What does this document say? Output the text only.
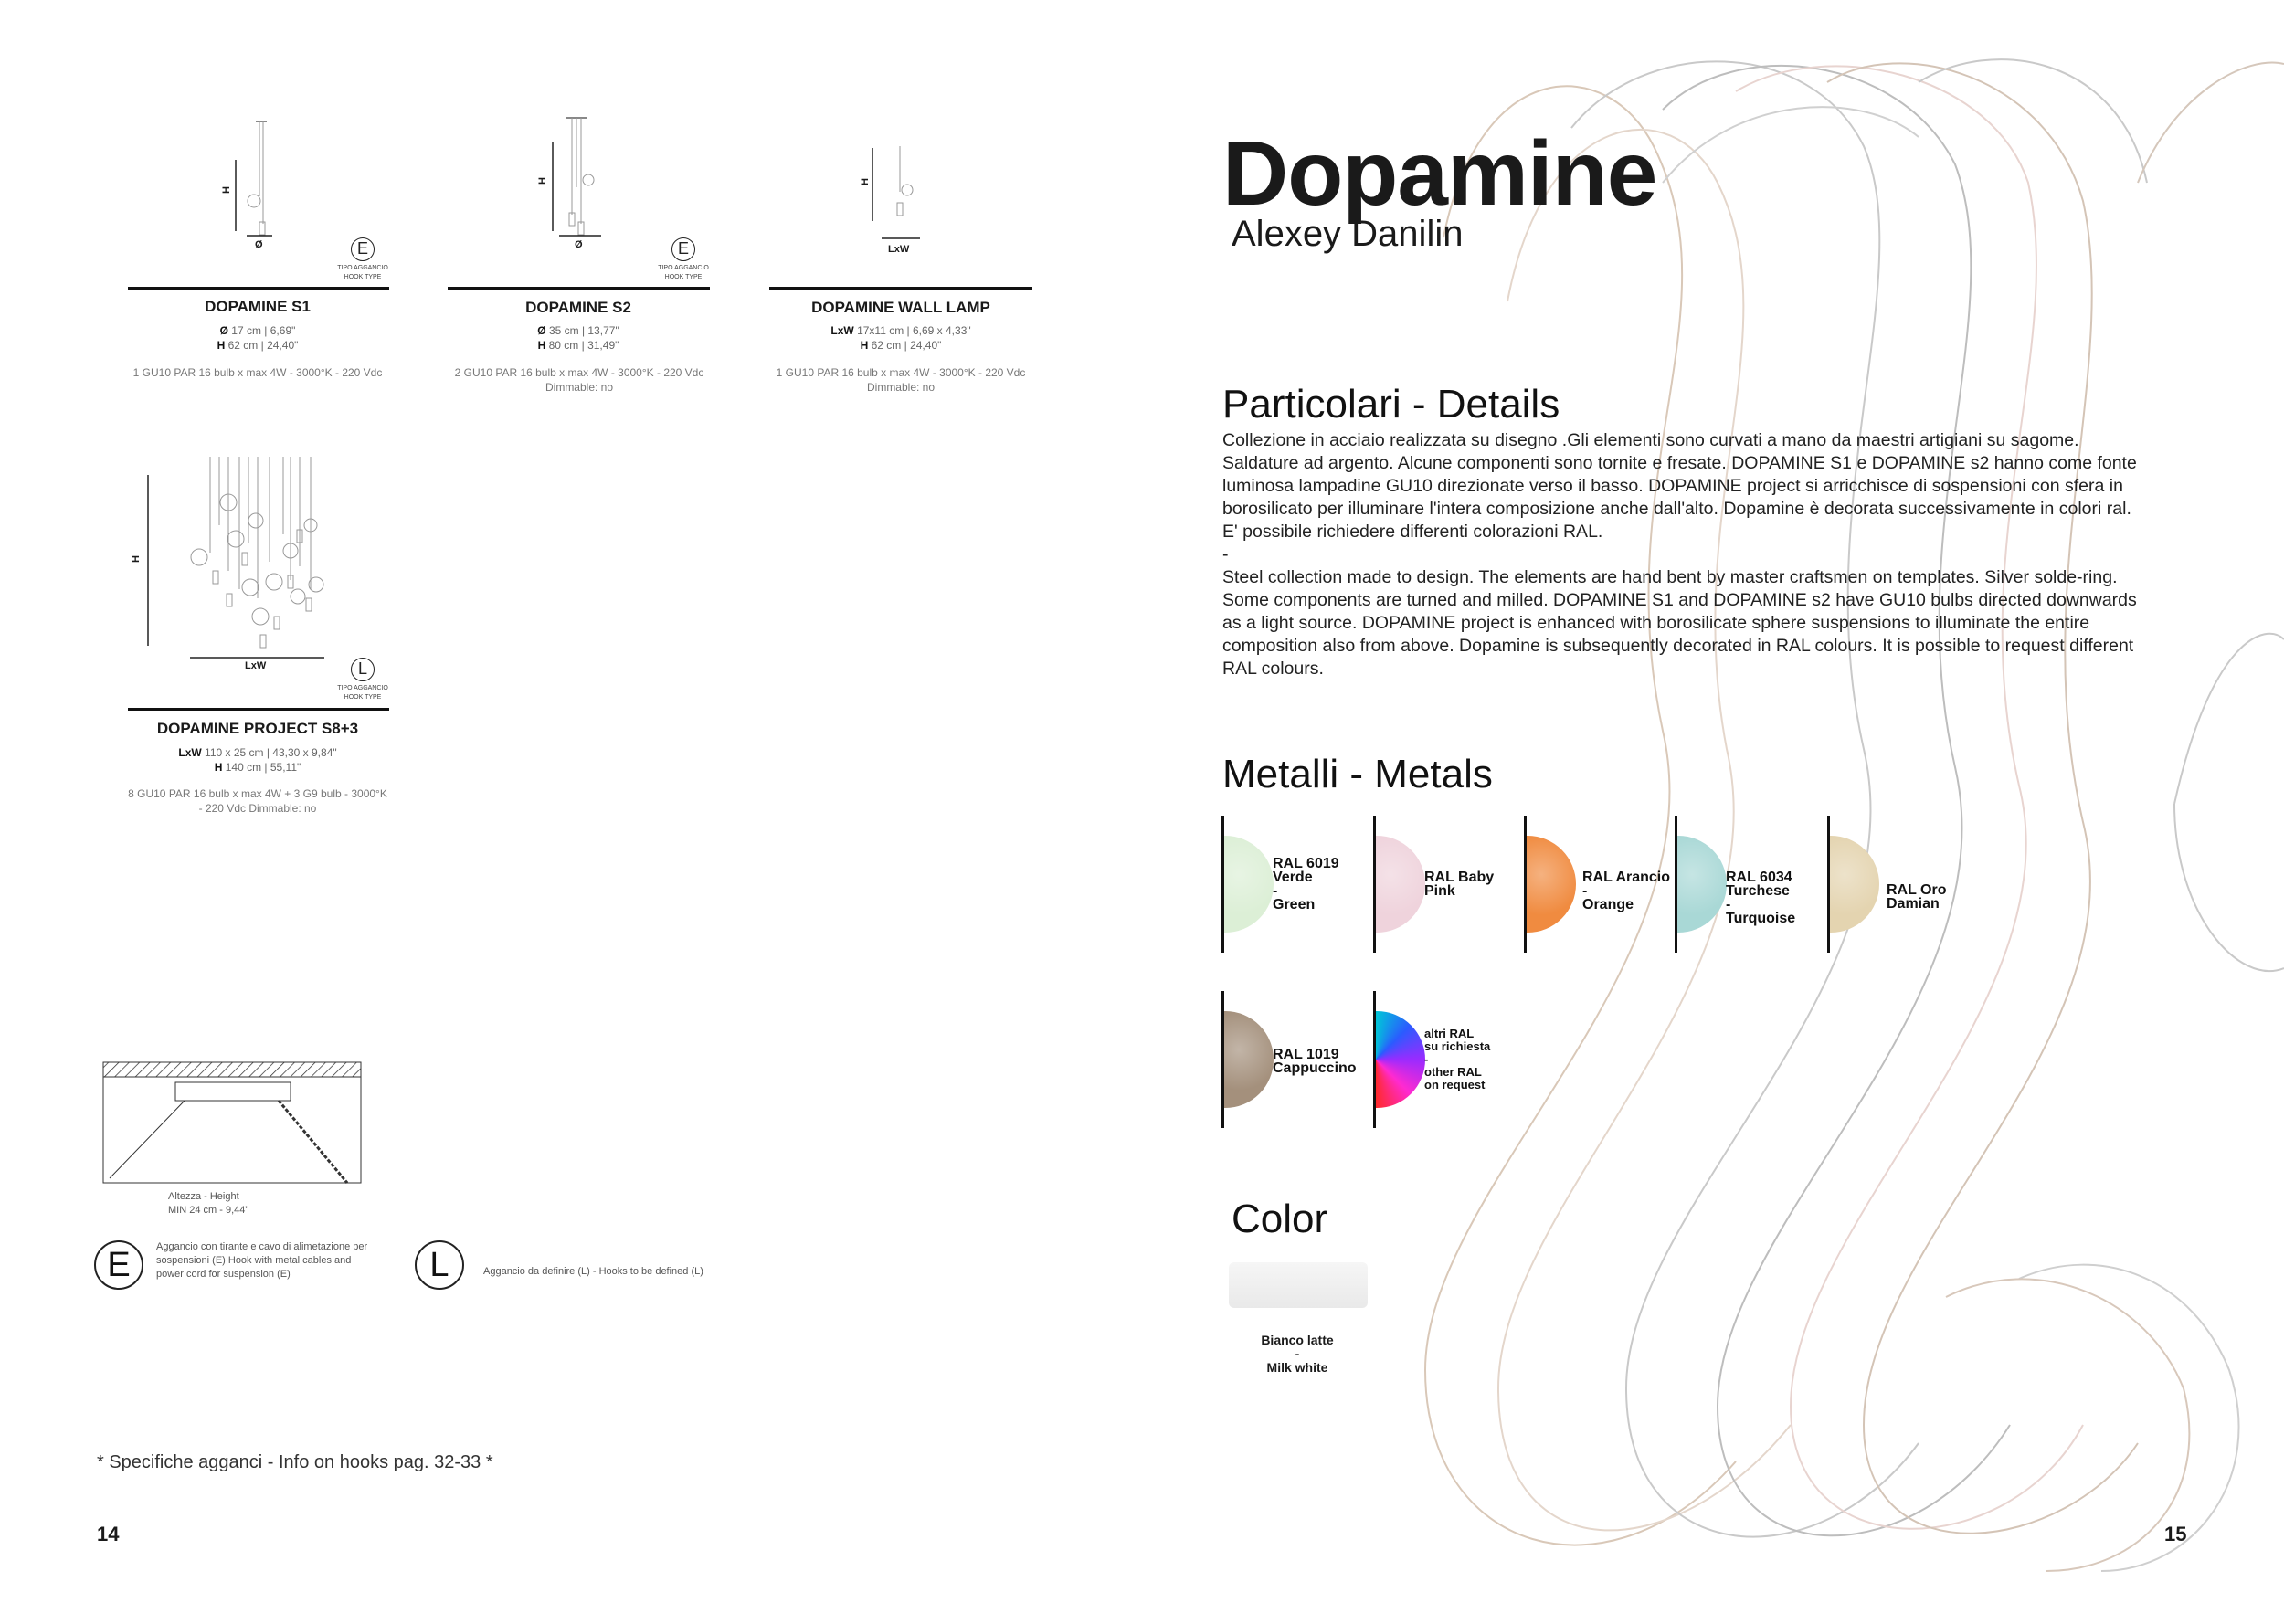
H
Ø	E
TIPO AGGANCIO
HOOK TYPE
DOPAMINE S1
Ø 17 cm | 6,69"
H 62 cm | 24,40"
1 GU10 PAR 16 bulb x max 4W - 3000°K - 220 Vdc
H
Ø	E
TIPO AGGANCIO
HOOK TYPE
DOPAMINE S2
Ø 35 cm | 13,77"
H 80 cm | 31,49"
2 GU10 PAR 16 bulb x max 4W - 3000°K - 220 Vdc
Dimmable: no
H
LxW
DOPAMINE WALL LAMP
LxW 17x11 cm | 6,69 x 4,33"
H 62 cm | 24,40"
1 GU10 PAR 16 bulb x max 4W - 3000°K - 220 Vdc
Dimmable: no
H
LxW	L
TIPO AGGANCIO
HOOK TYPE
DOPAMINE PROJECT S8+3
LxW 110 x 25 cm | 43,30 x 9,84"
H 140 cm | 55,11"
8 GU10 PAR 16 bulb x max 4W + 3 G9 bulb - 3000°K
- 220 Vdc Dimmable: no
Altezza - Height
MIN 24 cm - 9,44"
E	Aggancio con tirante e cavo di alimetazione per sospensioni (E) Hook with metal cables and power cord for suspension (E)	L	Aggancio da definire (L) - Hooks to be defined (L)
* Specifiche agganci - Info on hooks pag. 32-33 *
14
Dopamine
Alexey Danilin
Particolari - Details
Collezione in acciaio realizzata su disegno .Gli elementi sono curvati a mano da maestri artigiani su sagome. Saldature ad argento. Alcune componenti sono tornite e fresate. DOPAMINE S1 e DOPAMINE s2 hanno come fonte luminosa lampadine GU10 direzionate verso il basso. DOPAMINE project si arricchisce di sospensioni con sfera in borosilicato per illuminare l'intera composizione anche dall'alto. Dopamine è decorata successivamente in colori ral. E' possibile richiedere differenti colorazioni RAL.
-
Steel collection made to design. The elements are hand bent by master craftsmen on templates. Silver solde-ring. Some components are turned and milled. DOPAMINE S1 and DOPAMINE s2 have GU10 bulbs directed downwards as a light source. DOPAMINE project is enhanced with borosilicate sphere suspensions to illuminate the entire composition also from above. Dopamine is subsequently decorated in RAL colours. It is possible to request different RAL colours.
Metalli - Metals
RAL 6019
Verde
-
Green
RAL Baby
Pink
RAL Arancio
-
Orange
RAL 6034
Turchese
-
Turquoise
RAL Oro
Damian
RAL 1019
Cappuccino
altri RAL
su richiesta
-
other RAL
on request
Color
Bianco latte
-
Milk white
15
